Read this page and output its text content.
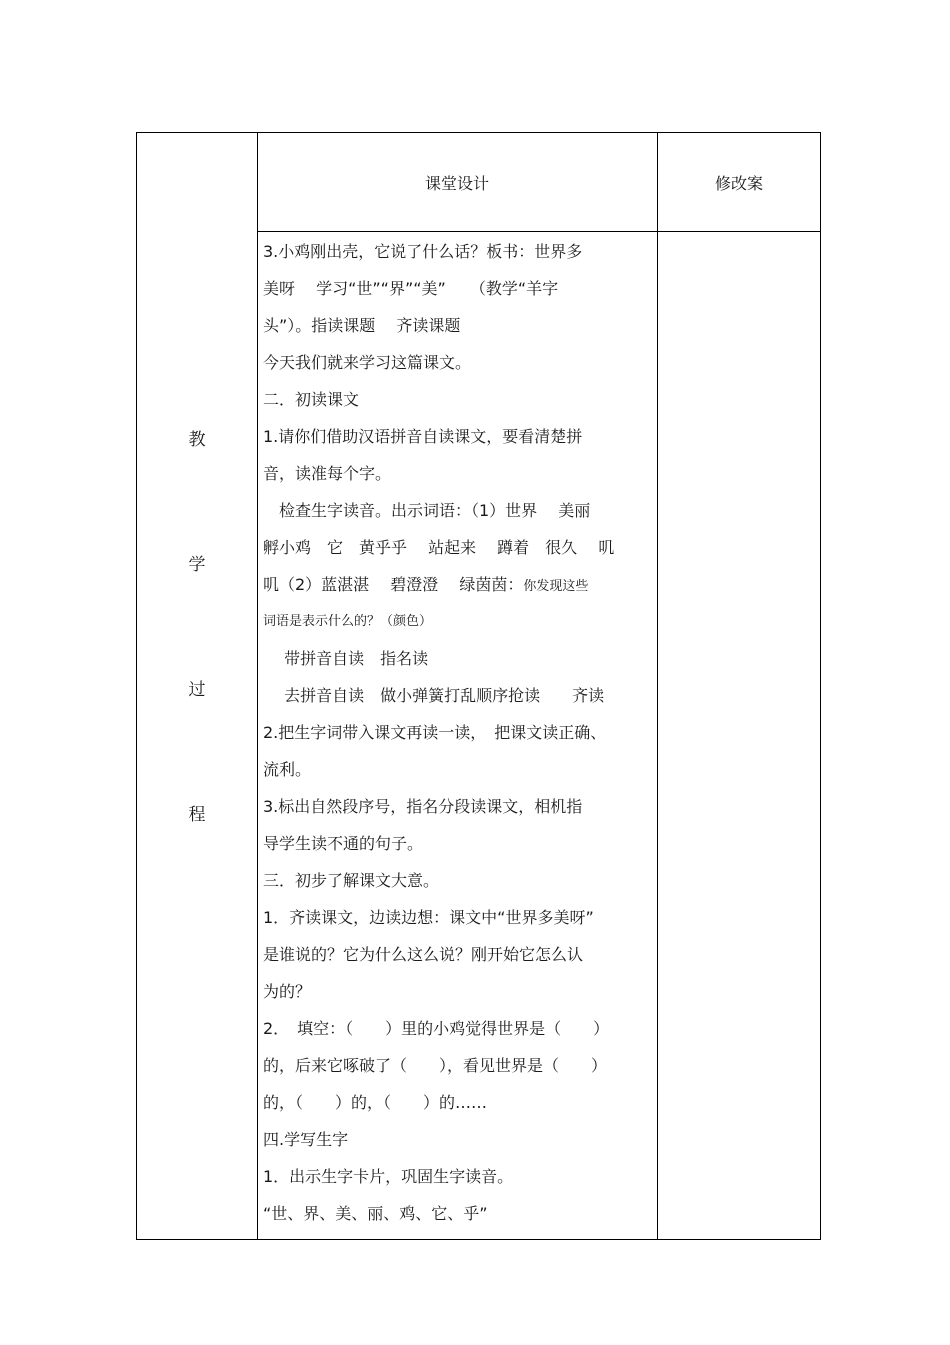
课堂设计	修改案
教
学
过
程
3.小鸡刚出壳，它说了什么话？板书：世界多
美呀　 学习“世”“界”“美”　　（教学“羊字
头”）。指读课题　 齐读课题
今天我们就来学习这篇课文。
二．初读课文
1.请你们借助汉语拼音自读课文，要看清楚拼
音，读准每个字。
　检查生字读音。出示词语：（1）世界　 美丽
孵小鸡　它　黄乎乎　 站起来　 蹲着　很久　 叽
叽（2）蓝湛湛　 碧澄澄　 绿茵茵：你发现这些
词语是表示什么的？（颜色）
　 带拼音自读　指名读
　 去拼音自读　做小弹簧打乱顺序抢读　　齐读
2.把生字词带入课文再读一读，　把课文读正确、
流利。
3.标出自然段序号，指名分段读课文，相机指
导学生读不通的句子。
三．初步了解课文大意。
1．齐读课文，边读边想：课文中“世界多美呀”
是谁说的？它为什么这么说？刚开始它怎么认
为的？
2．　填空：（　　）里的小鸡觉得世界是（　　）
的，后来它啄破了（　　），看见世界是（　　）
的，（　　）的，（　　）的……
四.学写生字
1．出示生字卡片，巩固生字读音。
“世、界、美、丽、鸡、它、乎”
